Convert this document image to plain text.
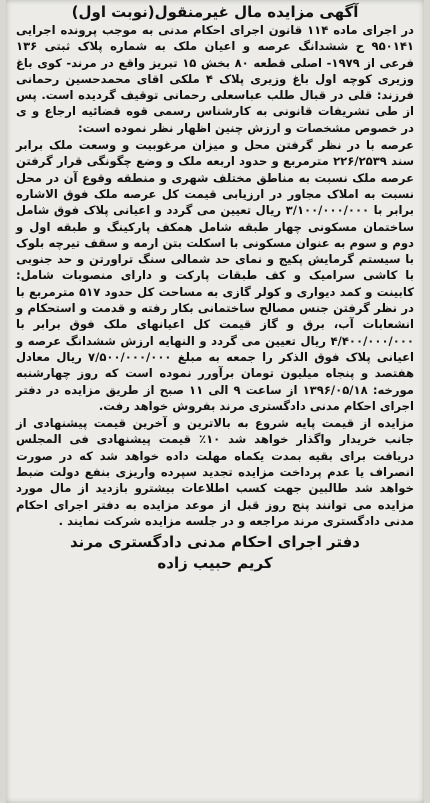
آگهی مزایده مال غیرمنقول(نوبت اول)

در اجرای ماده ۱۱۴ قانون اجرای احکام مدنی به موجب پرونده اجرایی ۹۵۰۱۴۱ ح ششدانگ عرصه و اعیان ملک به شماره پلاک ثبتی ۱۳۶ فرعی از ۱۹۷۹- اصلی قطعه ۸۰ بخش ۱۵ تبریز واقع در مرند- کوی باغ وزیری کوچه اول باغ وزیری پلاک ۴ ملکی اقای محمدحسین رحمانی فرزند: قلی در قبال طلب عباسعلی رحمانی توقیف گردیده است. پس از طی تشریفات قانونی به کارشناس رسمی قوه قضائیه ارجاع و ی در خصوص مشخصات و ارزش چنین اظهار نظر نموده است:

عرصه با در نظر گرفتن محل و میزان مرغوبیت و وسعت ملک برابر سند ۲۲۶/۲۵۳۹ مترمربع و حدود اربعه ملک و وضع چگونگی قرار گرفتن عرصه ملک نسبت به مناطق مختلف شهری و منطقه وقوع آن در محل نسبت به املاک مجاور در ارزیابی قیمت کل عرصه ملک فوق الاشاره برابر با ۳/۱۰۰/۰۰۰/۰۰۰ ریال تعیین می گردد و اعیانی پلاک فوق شامل ساختمان مسکونی چهار طبقه شامل همکف پارکینگ و طبقه اول و دوم و سوم به عنوان مسکونی با اسکلت بتن ارمه و سقف تیرچه بلوک با سیستم گرمایش پکیج و نمای حد شمالی سنگ تراورتن و حد جنوبی با کاشی سرامیک و کف طبقات پارکت و دارای منصوبات شامل: کابینت و کمد دیواری و کولر گازی به مساحت کل حدود ۵۱۷ مترمربع با در نظر گرفتن جنس مصالح ساختمانی بکار رفته و قدمت و استحکام و انشعابات آب، برق و گاز قیمت کل اعیانهای ملک فوق برابر با ۴/۴۰۰/۰۰۰/۰۰۰ ریال تعیین می گردد و النهایه ارزش ششدانگ عرصه و اعیانی پلاک فوق الذکر را جمعه به مبلغ ۷/۵۰۰/۰۰۰/۰۰۰ ریال معادل هفتصد و پنجاه میلیون تومان برآورر نموده است که روز چهارشنبه مورخه: ۱۳۹۶/۰۵/۱۸ از ساعت ۹ الی ۱۱ صبح از طریق مزایده در دفتر اجرای احکام مدنی دادگستری مرند بفروش خواهد رفت.

مزایده از قیمت پایه شروع به بالاترین و آخرین قیمت پیشنهادی از جانب خریدار واگذار خواهد شد ۱۰٪ قیمت پیشنهادی فی المجلس دریافت برای بقیه بمدت یکماه مهلت داده خواهد شد که در صورت انصراف یا عدم پرداخت مزایده تجدید سپرده واریزی بنفع دولت ضبط خواهد شد طالبین جهت کسب اطلاعات بیشترو بازدید از مال مورد مزایده می توانند پنج روز قبل از موعد مزایده به دفتر اجرای احکام مدنی دادگستری مرند مراجعه و در جلسه مزایده شرکت نمایند .

دفتر اجرای احکام مدنی دادگستری مرند
کریم حبیب زاده
